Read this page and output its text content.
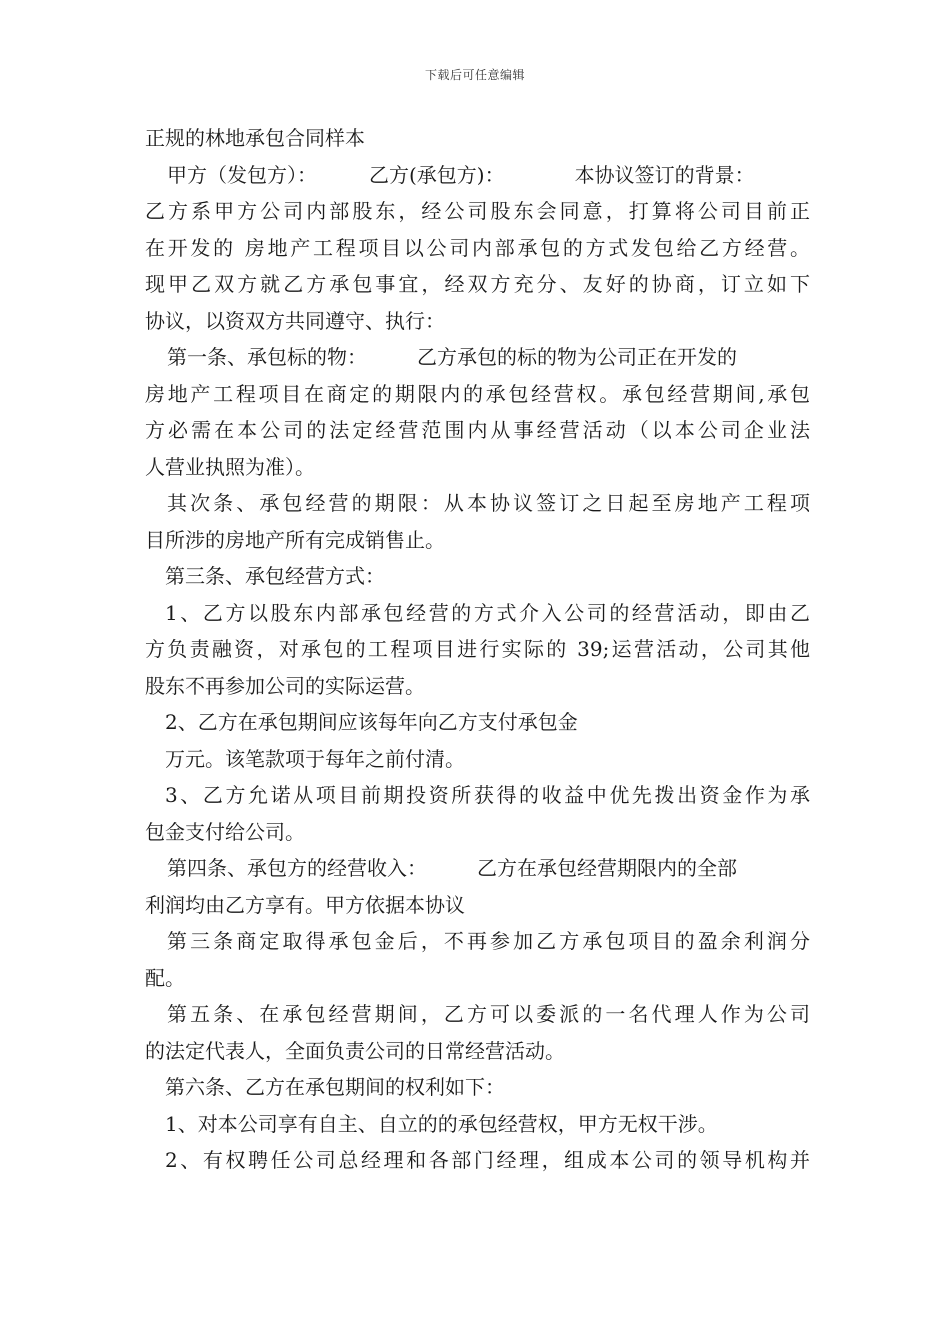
下载后可任意编辑
正规的林地承包合同样本
甲方（发包方）：	乙方(承包方)：	本协议签订的背景：
乙方系甲方公司内部股东，经公司股东会同意，打算将公司目前正
在开发的 房地产工程项目以公司内部承包的方式发包给乙方经营。
现甲乙双方就乙方承包事宜，经双方充分、友好的协商，订立如下
协议，以资双方共同遵守、执行：
第一条、承包标的物：	乙方承包的标的物为公司正在开发的
房地产工程项目在商定的期限内的承包经营权。承包经营期间,承包
方必需在本公司的法定经营范围内从事经营活动（以本公司企业法
人营业执照为准）。
其次条、承包经营的期限：从本协议签订之日起至房地产工程项
目所涉的房地产所有完成销售止。
第三条、承包经营方式：
1、乙方以股东内部承包经营的方式介入公司的经营活动，即由乙
方负责融资，对承包的工程项目进行实际的 39;运营活动，公司其他
股东不再参加公司的实际运营。
2、乙方在承包期间应该每年向乙方支付承包金
万元。该笔款项于每年之前付清。
3、乙方允诺从项目前期投资所获得的收益中优先拨出资金作为承
包金支付给公司。
第四条、承包方的经营收入：	乙方在承包经营期限内的全部
利润均由乙方享有。甲方依据本协议
第三条商定取得承包金后，不再参加乙方承包项目的盈余利润分
配。
第五条、在承包经营期间，乙方可以委派的一名代理人作为公司
的法定代表人，全面负责公司的日常经营活动。
第六条、乙方在承包期间的权利如下：
1、对本公司享有自主、自立的的承包经营权，甲方无权干涉。
2、有权聘任公司总经理和各部门经理，组成本公司的领导机构并
